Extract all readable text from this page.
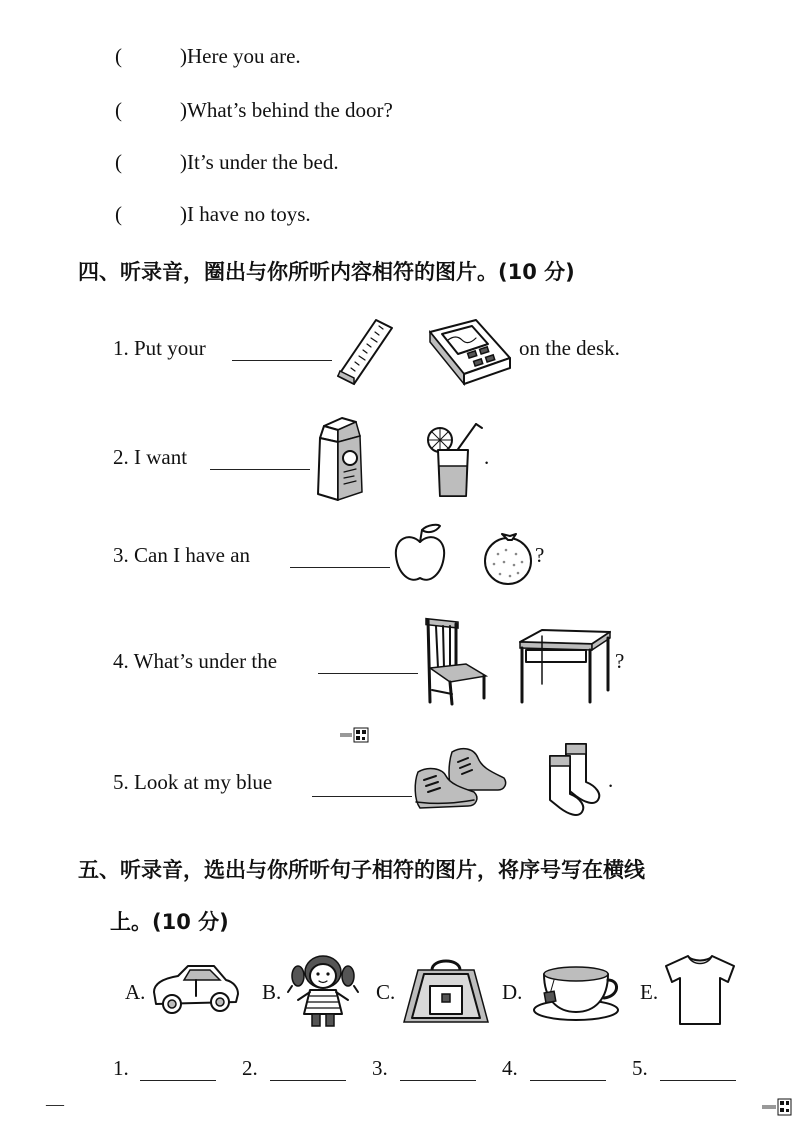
(	)Here you are.
(	)What’s behind the door?
(	)It’s under the bed.
(	)I have no toys.
四、听录音，圈出与你所听内容相符的图片。(10 分)
1. Put your	on the desk.
2. I want	.
3. Can I have an	?
4. What’s under the	?
5. Look at my blue	.
五、听录音，选出与你所听句子相符的图片，将序号写在横线
上。(10 分)
A.	B.	C.	D.	E.
1.	2.	3.	4.	5.
—
